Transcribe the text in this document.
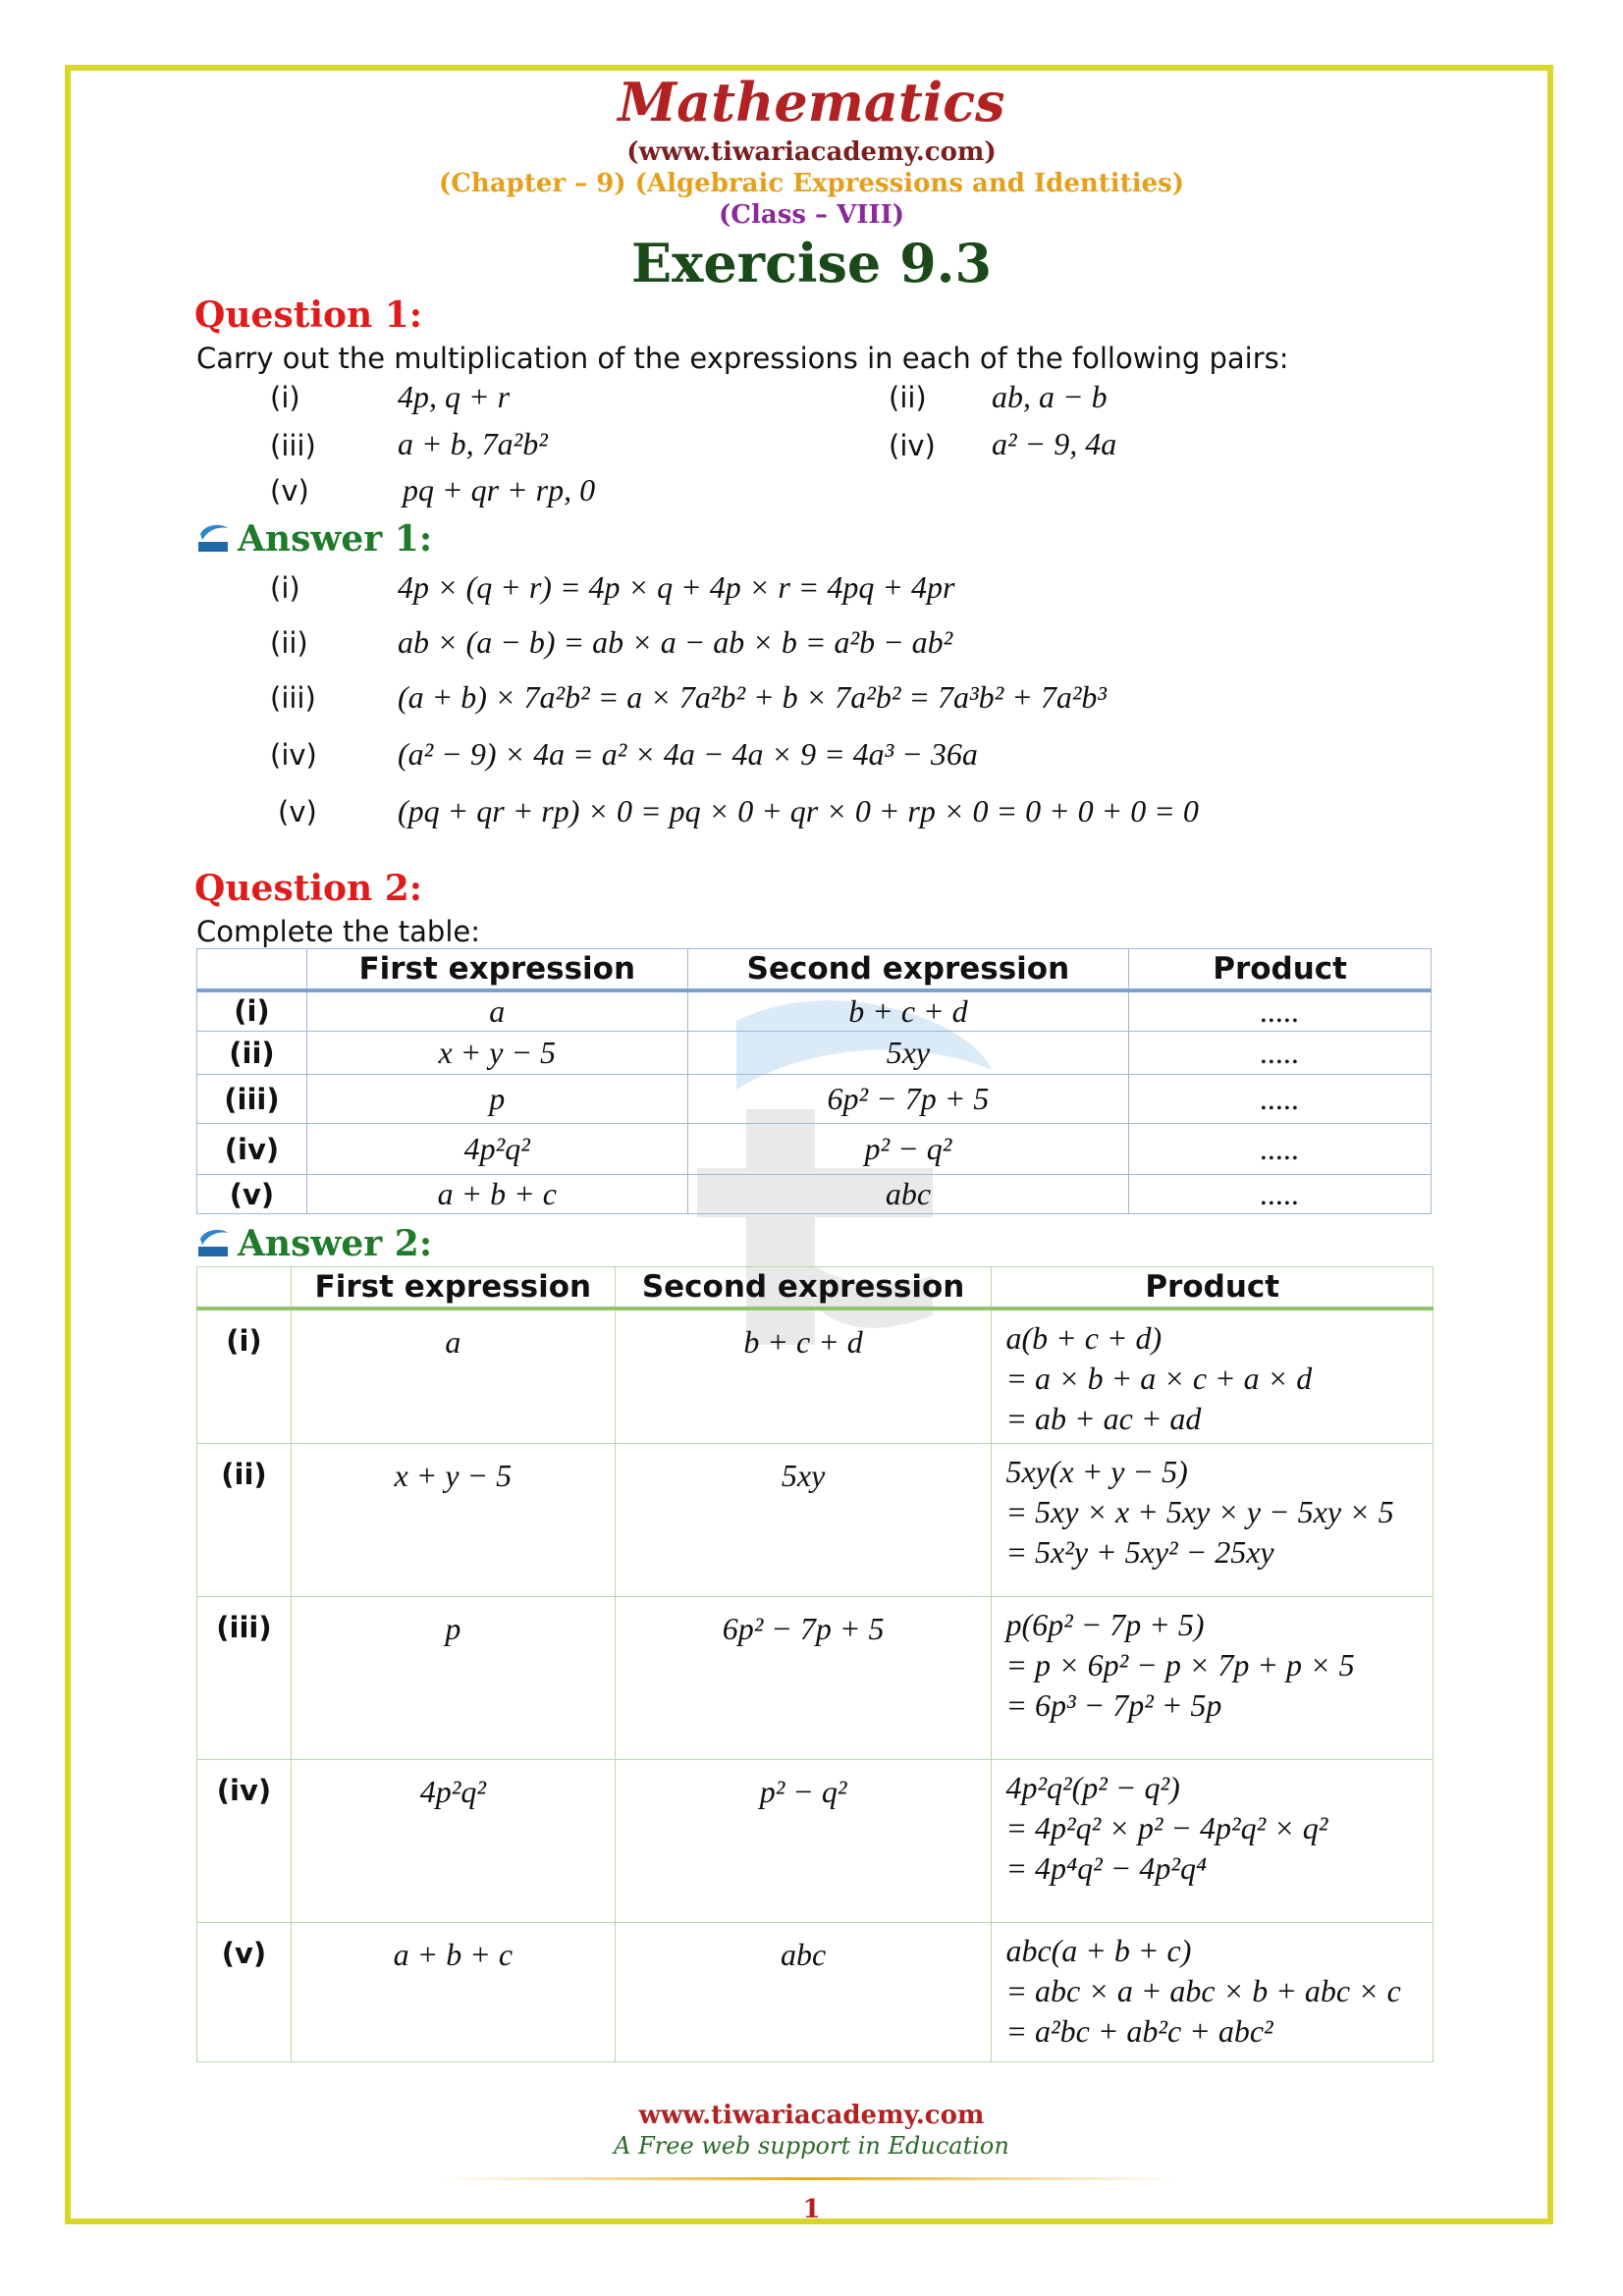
Mathematics
(www.tiwariacademy.com)
(Chapter – 9) (Algebraic Expressions and Identities)
(Class – VIII)
Exercise 9.3
Question 1:
Carry out the multiplication of the expressions in each of the following pairs:
(i)	4p, q + r	(ii) ab, a − b
(iii)	a + b, 7a²b²	(iv) a² − 9, 4a
(v)	pq + qr + rp, 0
Answer 1:
(i)	4p × (q + r) = 4p × q + 4p × r = 4pq + 4pr
(ii)	ab × (a − b) = ab × a − ab × b = a²b − ab²
(iii)	(a + b) × 7a²b² = a × 7a²b² + b × 7a²b² = 7a³b² + 7a²b³
(iv)	(a² − 9) × 4a = a² × 4a − 4a × 9 = 4a³ − 36a
(v)	(pq + qr + rp) × 0 = pq × 0 + qr × 0 + rp × 0 = 0 + 0 + 0 = 0
Question 2:
Complete the table:
	First expression	Second expression	Product
(i)	a	b + c + d	.....
(ii)	x + y − 5	5xy	.....
(iii)	p	6p² − 7p + 5	.....
(iv)	4p²q²	p² − q²	.....
(v)	a + b + c	abc	.....
Answer 2:
	First expression	Second expression	Product
(i)	a	b + c + d	a(b + c + d)
= a × b + a × c + a × d
= ab + ac + ad

(ii)	x + y − 5	5xy	5xy(x + y − 5)
= 5xy × x + 5xy × y − 5xy × 5
= 5x²y + 5xy² − 25xy

(iii)	p	6p² − 7p + 5	p(6p² − 7p + 5)
= p × 6p² − p × 7p + p × 5
= 6p³ − 7p² + 5p

(iv)	4p²q²	p² − q²	4p²q²(p² − q²)
= 4p²q² × p² − 4p²q² × q²
= 4p⁴q² − 4p²q⁴

(v)	a + b + c	abc	abc(a + b + c)
= abc × a + abc × b + abc × c
= a²bc + ab²c + abc²
www.tiwariacademy.com
A Free web support in Education
1
